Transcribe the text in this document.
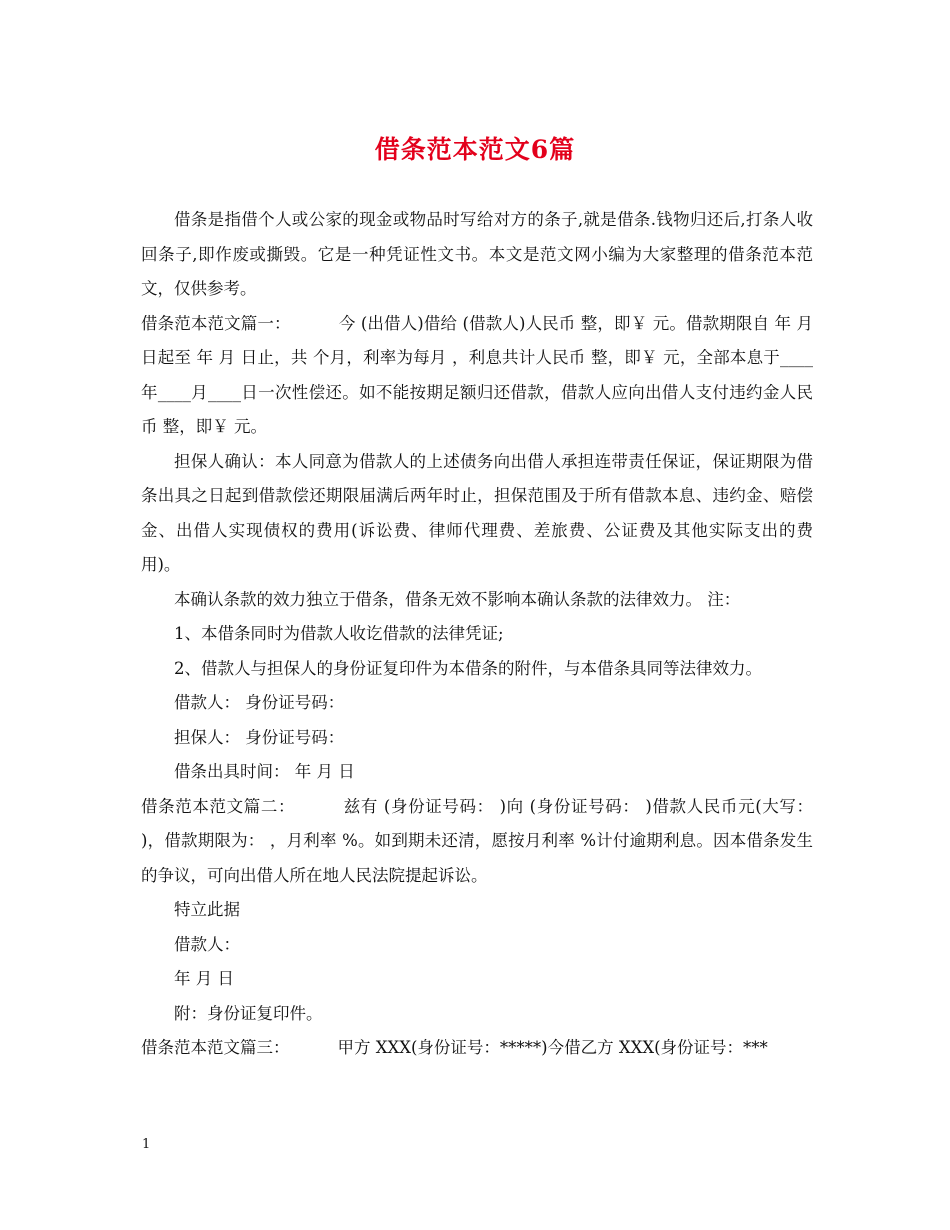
借条范本范文6篇

借条是指借个人或公家的现金或物品时写给对方的条子,就是借条.钱物归还后,打条人收回条子,即作废或撕毁。它是一种凭证性文书。本文是范文网小编为大家整理的借条范本范文，仅供参考。

借条范本范文篇一：	今 (出借人)借给 (借款人)人民币 整，即￥ 元。借款期限自 年 月 日起至 年 月 日止，共 个月，利率为每月 ，利息共计人民币 整，即￥ 元，全部本息于____年____月____日一次性偿还。如不能按期足额归还借款，借款人应向出借人支付违约金人民币 整，即￥ 元。

担保人确认：本人同意为借款人的上述债务向出借人承担连带责任保证，保证期限为借条出具之日起到借款偿还期限届满后两年时止，担保范围及于所有借款本息、违约金、赔偿金、出借人实现债权的费用(诉讼费、律师代理费、差旅费、公证费及其他实际支出的费用)。

本确认条款的效力独立于借条，借条无效不影响本确认条款的法律效力。 注：

1、本借条同时为借款人收讫借款的法律凭证;

2、借款人与担保人的身份证复印件为本借条的附件，与本借条具同等法律效力。

借款人： 身份证号码：

担保人： 身份证号码：

借条出具时间： 年 月 日

借条范本范文篇二：	兹有 (身份证号码： )向 (身份证号码： )借款人民币元(大写： )，借款期限为： ，月利率 %。如到期未还清，愿按月利率 %计付逾期利息。因本借条发生的争议，可向出借人所在地人民法院提起诉讼。

特立此据

借款人：

年 月 日

附：身份证复印件。

借条范本范文篇三：	甲方 XXX(身份证号：*****)今借乙方 XXX(身份证号：***

1
